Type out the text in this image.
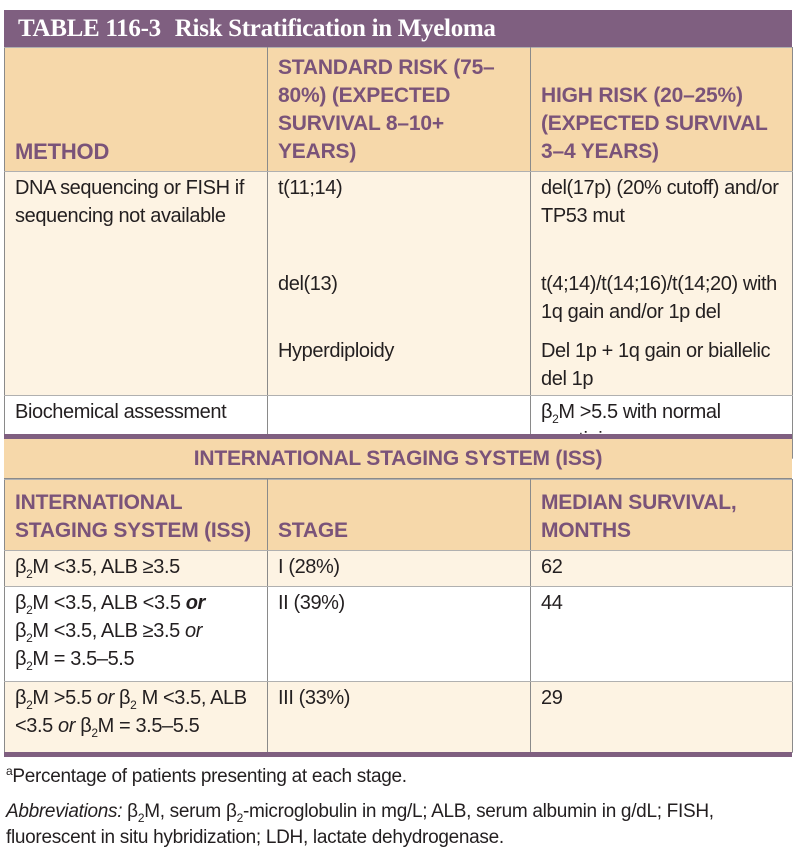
TABLE 116-3 Risk Stratification in Myeloma
METHOD	STANDARD RISK (75–80%) (EXPECTED SURVIVAL 8–10+ YEARS)	HIGH RISK (20–25%) (EXPECTED SURVIVAL 3–4 YEARS)
DNA sequencing or FISH if sequencing not available	t(11;14)	del(17p) (20% cutoff) and/or TP53 mut
	del(13)	t(4;14)/t(14;16)/t(14;20) with 1q gain and/or 1p del
	Hyperdiploidy	Del 1p + 1q gain or biallelic del 1p
Biochemical assessment		$\beta_2M >5.5$ with normal
INTERNATIONAL STAGING SYSTEM (ISS)
INTERNATIONAL STAGING SYSTEM (ISS)	STAGE	MEDIAN SURVIVAL, MONTHS
$\beta_2M <3.5$, ALB ≥3.5	I (28%)	62

$\beta_2M <3.5$, ALB <3.5 or
$\beta_2M <3.5$, ALB ≥3.5 or
$\beta_2M = 3.5-5.5$	II (39%)	44
$\beta_2M >5.5$ or $\beta_2$ M <3.5, ALB <3.5 or $\beta_2M = 3.5-5.5$	III (33%)	29
$^a$Percentage of patients presenting at each stage.
Abbreviations: $\beta_2M$, serum $\beta_2$-microglobulin in mg/L; ALB, serum albumin in g/dL; FISH, fluorescent in situ hybridization; LDH, lactate dehydrogenase.
